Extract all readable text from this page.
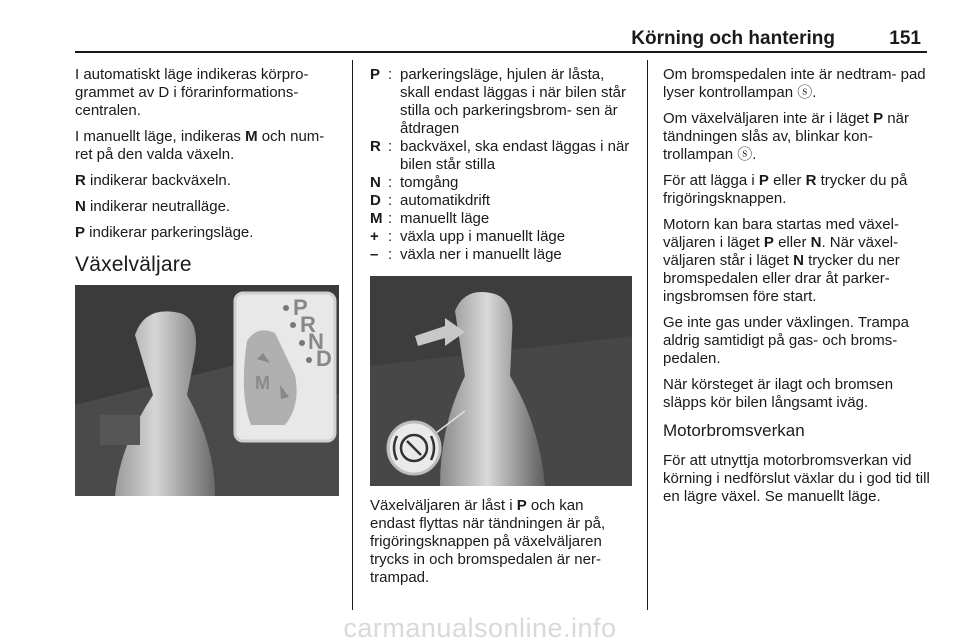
Körning och hantering	151

I automatiskt läge indikeras körpro- grammet av D i förarinformations- centralen.

I manuellt läge, indikeras M och num- ret på den valda växeln.

R indikerar backväxeln.

N indikerar neutralläge.

P indikerar parkeringsläge.

Växelväljare
P
R
N
D
M
P	:	parkeringsläge, hjulen är låsta, skall endast läggas i när bilen står stilla och parkeringsbrom- sen är åtdragen
R	:	backväxel, ska endast läggas i när bilen står stilla
N	:	tomgång
D	:	automatikdrift
M	:	manuellt läge
+	:	växla upp i manuellt läge
–	:	växla ner i manuellt läge

Växelväljaren är låst i P och kan endast flyttas när tändningen är på, frigöringsknappen på växelväljaren trycks in och bromspedalen är ner- trampad.

Om bromspedalen inte är nedtram- pad lyser kontrollampan ⓢ.

Om växelväljaren inte är i läget P när tändningen slås av, blinkar kon- trollampan ⓢ.

För att lägga i P eller R trycker du på frigöringsknappen.

Motorn kan bara startas med växel- väljaren i läget P eller N. När växel- väljaren står i läget N trycker du ner bromspedalen eller drar åt parker- ingsbromsen före start.

Ge inte gas under växlingen. Trampa aldrig samtidigt på gas- och broms- pedalen.

När körsteget är ilagt och bromsen släpps kör bilen långsamt iväg.

Motorbromsverkan

För att utnyttja motorbromsverkan vid körning i nedförslut växlar du i god tid till en lägre växel. Se manuellt läge.

carmanualsonline.info
